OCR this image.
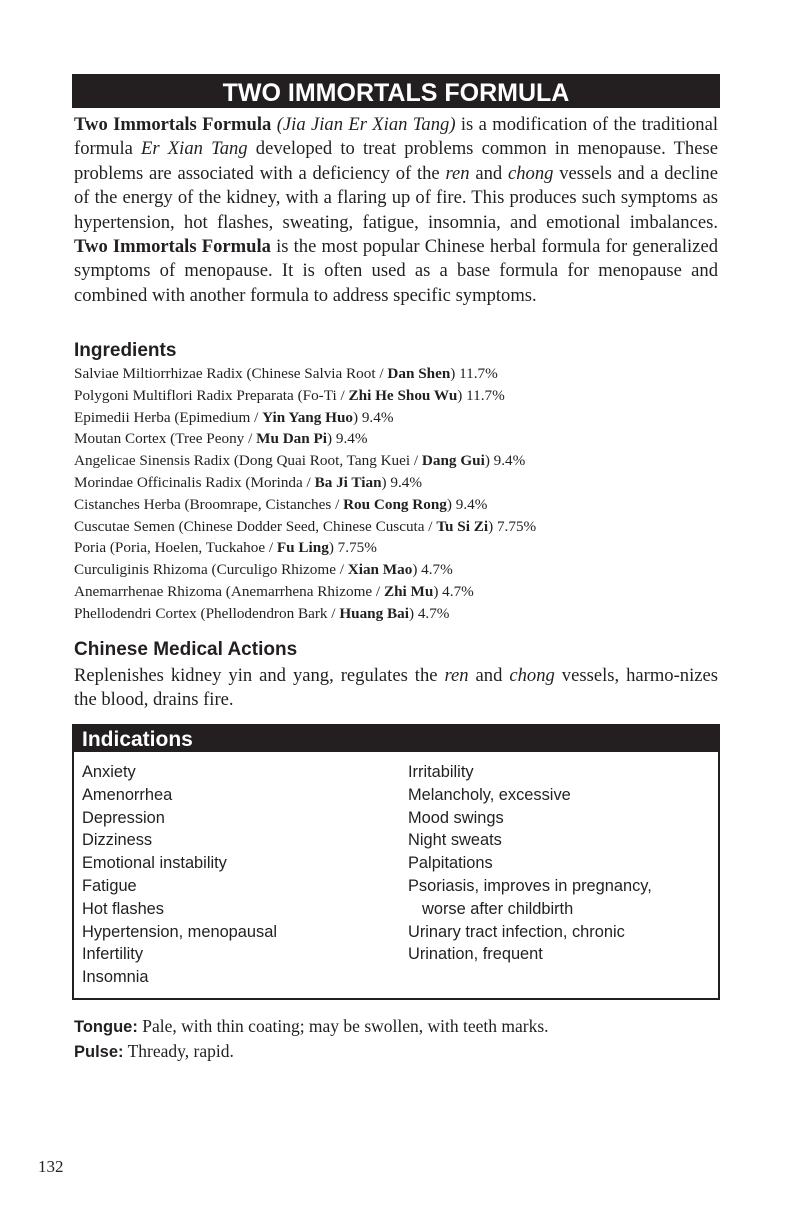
TWO IMMORTALS FORMULA

Two Immortals Formula (Jia Jian Er Xian Tang) is a modification of the traditional formula Er Xian Tang developed to treat problems common in menopause. These problems are associated with a deficiency of the ren and chong vessels and a decline of the energy of the kidney, with a flaring up of fire. This produces such symptoms as hypertension, hot flashes, sweating, fatigue, insomnia, and emotional imbalances. Two Immortals Formula is the most popular Chinese herbal formula for generalized symptoms of menopause. It is often used as a base formula for menopause and combined with another formula to address specific symptoms.

Ingredients
Salviae Miltiorrhizae Radix (Chinese Salvia Root / Dan Shen) 11.7%
Polygoni Multiflori Radix Preparata (Fo-Ti / Zhi He Shou Wu) 11.7%
Epimedii Herba (Epimedium / Yin Yang Huo) 9.4%
Moutan Cortex (Tree Peony / Mu Dan Pi) 9.4%
Angelicae Sinensis Radix (Dong Quai Root, Tang Kuei / Dang Gui) 9.4%
Morindae Officinalis Radix (Morinda / Ba Ji Tian) 9.4%
Cistanches Herba (Broomrape, Cistanches / Rou Cong Rong) 9.4%
Cuscutae Semen (Chinese Dodder Seed, Chinese Cuscuta / Tu Si Zi) 7.75%
Poria (Poria, Hoelen, Tuckahoe / Fu Ling) 7.75%
Curculiginis Rhizoma (Curculigo Rhizome / Xian Mao) 4.7%
Anemarrhenae Rhizoma (Anemarrhena Rhizome / Zhi Mu) 4.7%
Phellodendri Cortex (Phellodendron Bark / Huang Bai) 4.7%
Chinese Medical Actions

Replenishes kidney yin and yang, regulates the ren and chong vessels, harmo-nizes the blood, drains fire.

Indications
Anxiety
Amenorrhea
Depression
Dizziness
Emotional instability
Fatigue
Hot flashes
Hypertension, menopausal
Infertility
Insomnia
Irritability
Melancholy, excessive
Mood swings
Night sweats
Palpitations
Psoriasis, improves in pregnancy,
worse after childbirth
Urinary tract infection, chronic
Urination, frequent

Tongue: Pale, with thin coating; may be swollen, with teeth marks.

Pulse: Thready, rapid.

132
